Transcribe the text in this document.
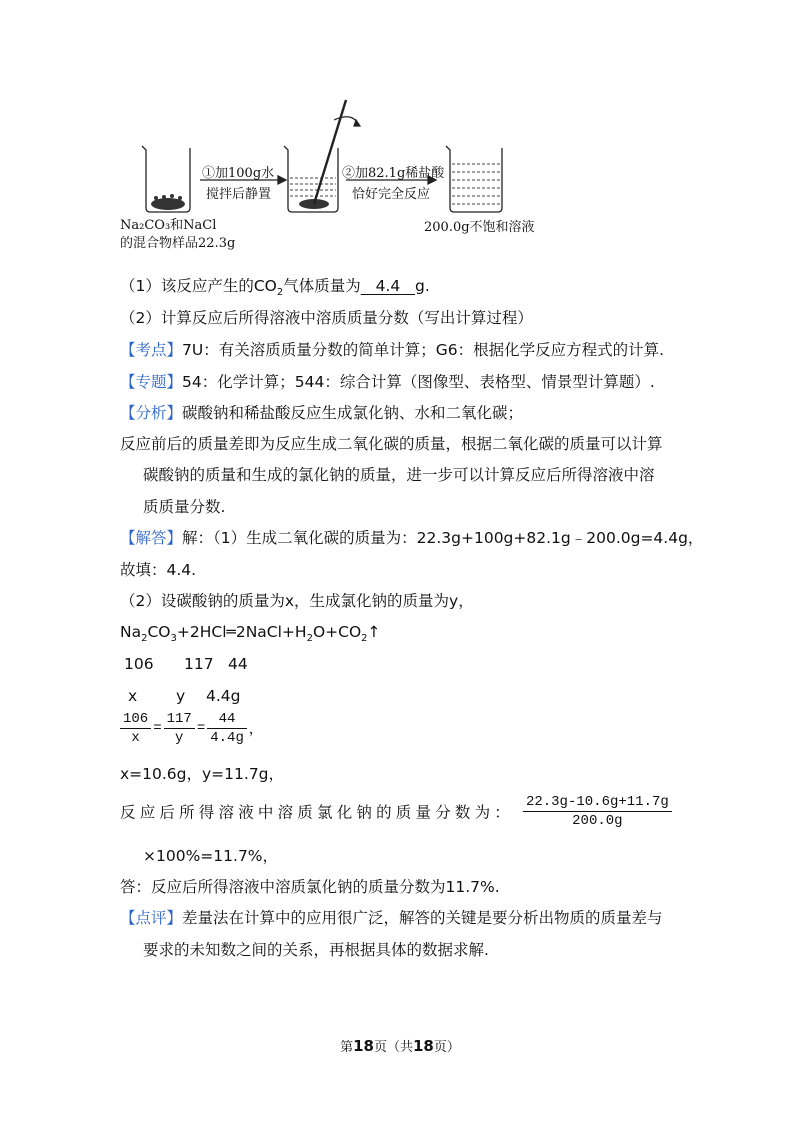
①加100g水
搅拌后静置
②加82.1g稀盐酸
恰好完全反应
Na₂CO₃和NaCl
的混合物样品22.3g
200.0g不饱和溶液
（1）该反应产生的$CO_2$气体质量为 4.4 g.
（2）计算反应后所得溶液中溶质质量分数（写出计算过程）
【考点】7U：有关溶质质量分数的简单计算；G6：根据化学反应方程式的计算.
【专题】54：化学计算；544：综合计算（图像型、表格型、情景型计算题）.
【分析】碳酸钠和稀盐酸反应生成氯化钠、水和二氧化碳；
反应前后的质量差即为反应生成二氧化碳的质量，根据二氧化碳的质量可以计算
碳酸钠的质量和生成的氯化钠的质量，进一步可以计算反应后所得溶液中溶
质质量分数.
【解答】解：（1）生成二氧化碳的质量为：22.3g+100g+82.1g﹣200.0g=4.4g，
故填：4.4.
（2）设碳酸钠的质量为x，生成氯化钠的质量为y，
$Na_2CO_3+2HCl═2NaCl+H_2O+CO_2↑$
106 117 44
x	y 4.4g
$\frac{106}{x} = \frac{117}{y} = \frac{44}{4.4g}$ ，
x=10.6g，y=11.7g，
反应后所得溶液中溶质氯化钠的质量分数为： $\frac{22.3g-10.6g+11.7g}{200.0g}$
×100%=11.7%，
答：反应后所得溶液中溶质氯化钠的质量分数为11.7%.
【点评】差量法在计算中的应用很广泛，解答的关键是要分析出物质的质量差与
要求的未知数之间的关系，再根据具体的数据求解.
第18页（共18页）
